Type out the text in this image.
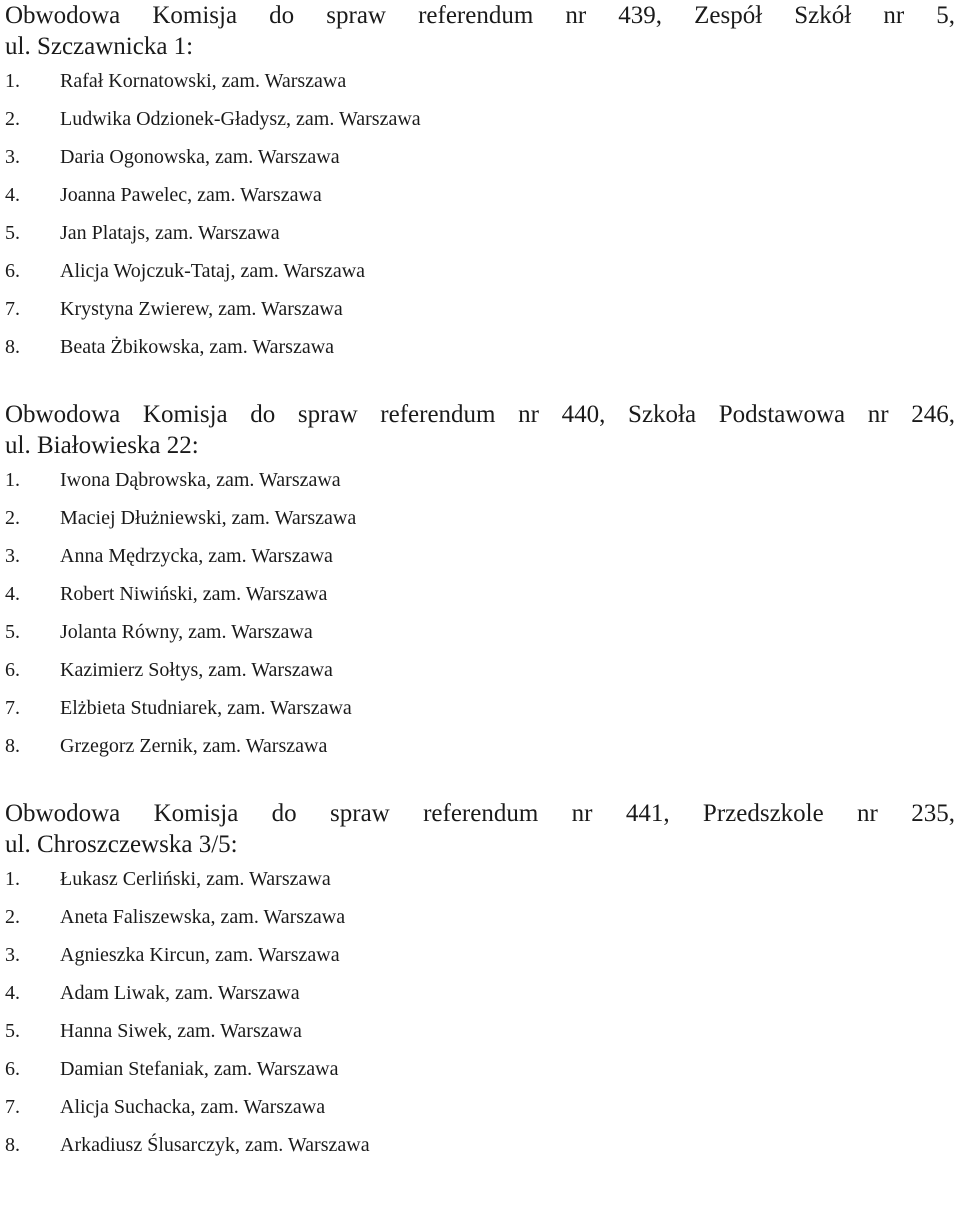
Obwodowa Komisja do spraw referendum nr 439, Zespół Szkół nr 5,
ul. Szczawnicka 1:

1.	Rafał Kornatowski, zam. Warszawa
2.	Ludwika Odzionek-Gładysz, zam. Warszawa
3.	Daria Ogonowska, zam. Warszawa
4.	Joanna Pawelec, zam. Warszawa
5.	Jan Platajs, zam. Warszawa
6.	Alicja Wojczuk-Tataj, zam. Warszawa
7.	Krystyna Zwierew, zam. Warszawa
8.	Beata Żbikowska, zam. Warszawa

Obwodowa Komisja do spraw referendum nr 440, Szkoła Podstawowa nr 246,
ul. Białowieska 22:

1.	Iwona Dąbrowska, zam. Warszawa
2.	Maciej Dłużniewski, zam. Warszawa
3.	Anna Mędrzycka, zam. Warszawa
4.	Robert Niwiński, zam. Warszawa
5.	Jolanta Równy, zam. Warszawa
6.	Kazimierz Sołtys, zam. Warszawa
7.	Elżbieta Studniarek, zam. Warszawa
8.	Grzegorz Zernik, zam. Warszawa

Obwodowa Komisja do spraw referendum nr 441, Przedszkole nr 235,
ul. Chroszczewska 3/5:

1.	Łukasz Cerliński, zam. Warszawa
2.	Aneta Faliszewska, zam. Warszawa
3.	Agnieszka Kircun, zam. Warszawa
4.	Adam Liwak, zam. Warszawa
5.	Hanna Siwek, zam. Warszawa
6.	Damian Stefaniak, zam. Warszawa
7.	Alicja Suchacka, zam. Warszawa
8.	Arkadiusz Ślusarczyk, zam. Warszawa
